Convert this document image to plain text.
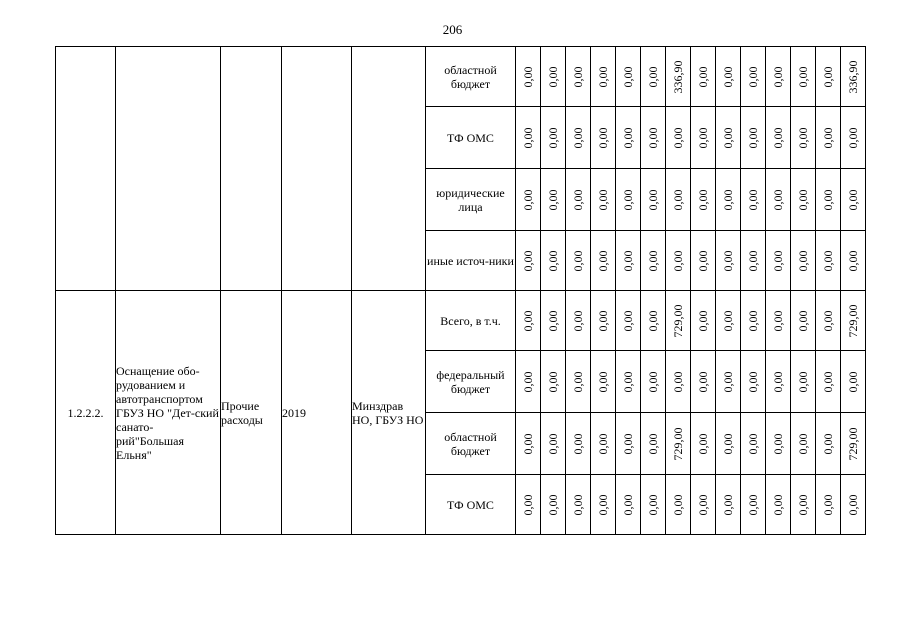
206
					областной бюджет	0,00	0,00	0,00	0,00	0,00	0,00	336,90	0,00	0,00	0,00	0,00	0,00	0,00	336,90

					ТФ ОМС	0,00	0,00	0,00	0,00	0,00	0,00	0,00	0,00	0,00	0,00	0,00	0,00	0,00	0,00

					юридические лица	0,00	0,00	0,00	0,00	0,00	0,00	0,00	0,00	0,00	0,00	0,00	0,00	0,00	0,00

					иные источ-ники	0,00	0,00	0,00	0,00	0,00	0,00	0,00	0,00	0,00	0,00	0,00	0,00	0,00	0,00

1.2.2.2.	Оснащение обо-рудованием и автотранспортом ГБУЗ НО "Дет-ский санато-рий"Большая Ельня"	Прочие расходы	2019	Минздрав НО, ГБУЗ НО	Всего, в т.ч.	0,00	0,00	0,00	0,00	0,00	0,00	729,00	0,00	0,00	0,00	0,00	0,00	0,00	729,00

					федеральный бюджет	0,00	0,00	0,00	0,00	0,00	0,00	0,00	0,00	0,00	0,00	0,00	0,00	0,00	0,00

					областной бюджет	0,00	0,00	0,00	0,00	0,00	0,00	729,00	0,00	0,00	0,00	0,00	0,00	0,00	729,00

					ТФ ОМС	0,00	0,00	0,00	0,00	0,00	0,00	0,00	0,00	0,00	0,00	0,00	0,00	0,00	0,00
